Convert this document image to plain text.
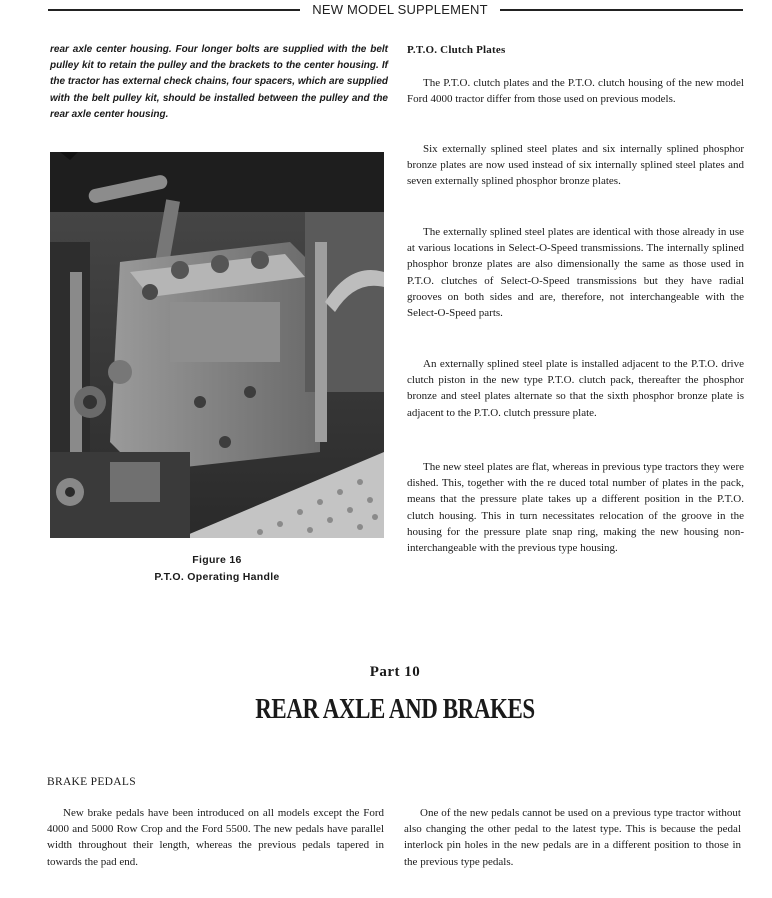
NEW MODEL SUPPLEMENT
rear axle center housing. Four longer bolts are supplied with the belt pulley kit to retain the pulley and the brackets to the center housing. If the tractor has external check chains, four spacers, which are supplied with the belt pulley kit, should be installed between the pulley and the rear axle center housing.
Figure 16
P.T.O. Operating Handle
P.T.O. Clutch Plates

The P.T.O. clutch plates and the P.T.O. clutch housing of the new model Ford 4000 tractor differ from those used on previous models.

Six externally splined steel plates and six internally splined phosphor bronze plates are now used instead of six internally splined steel plates and seven externally splined phosphor bronze plates.

The externally splined steel plates are identical with those already in use at various locations in Select-O-Speed transmissions. The internally splined phosphor bronze plates are also dimensionally the same as those used in P.T.O. clutches of Select-O-Speed transmissions but they have radial grooves on both sides and are, therefore, not interchangeable with the Select-O-Speed parts.

An externally splined steel plate is installed adjacent to the P.T.O. drive clutch piston in the new type P.T.O. clutch pack, thereafter the phosphor bronze and steel plates alternate so that the sixth phosphor bronze plate is adjacent to the P.T.O. clutch pressure plate.

The new steel plates are flat, whereas in previous type tractors they were dished. This, together with the re duced total number of plates in the pack, means that the pressure plate takes up a different position in the P.T.O. clutch housing. This in turn necessitates relocation of the groove in the housing for the pressure plate snap ring, making the new housing non-interchangeable with the previous type housing.

Part 10
REAR AXLE AND BRAKES
BRAKE PEDALS

New brake pedals have been introduced on all models except the Ford 4000 and 5000 Row Crop and the Ford 5500. The new pedals have parallel width throughout their length, whereas the previous pedals tapered in towards the pad end.

One of the new pedals cannot be used on a previous type tractor without also changing the other pedal to the latest type. This is because the pedal interlock pin holes in the new pedals are in a different position to those in the previous type pedals.
